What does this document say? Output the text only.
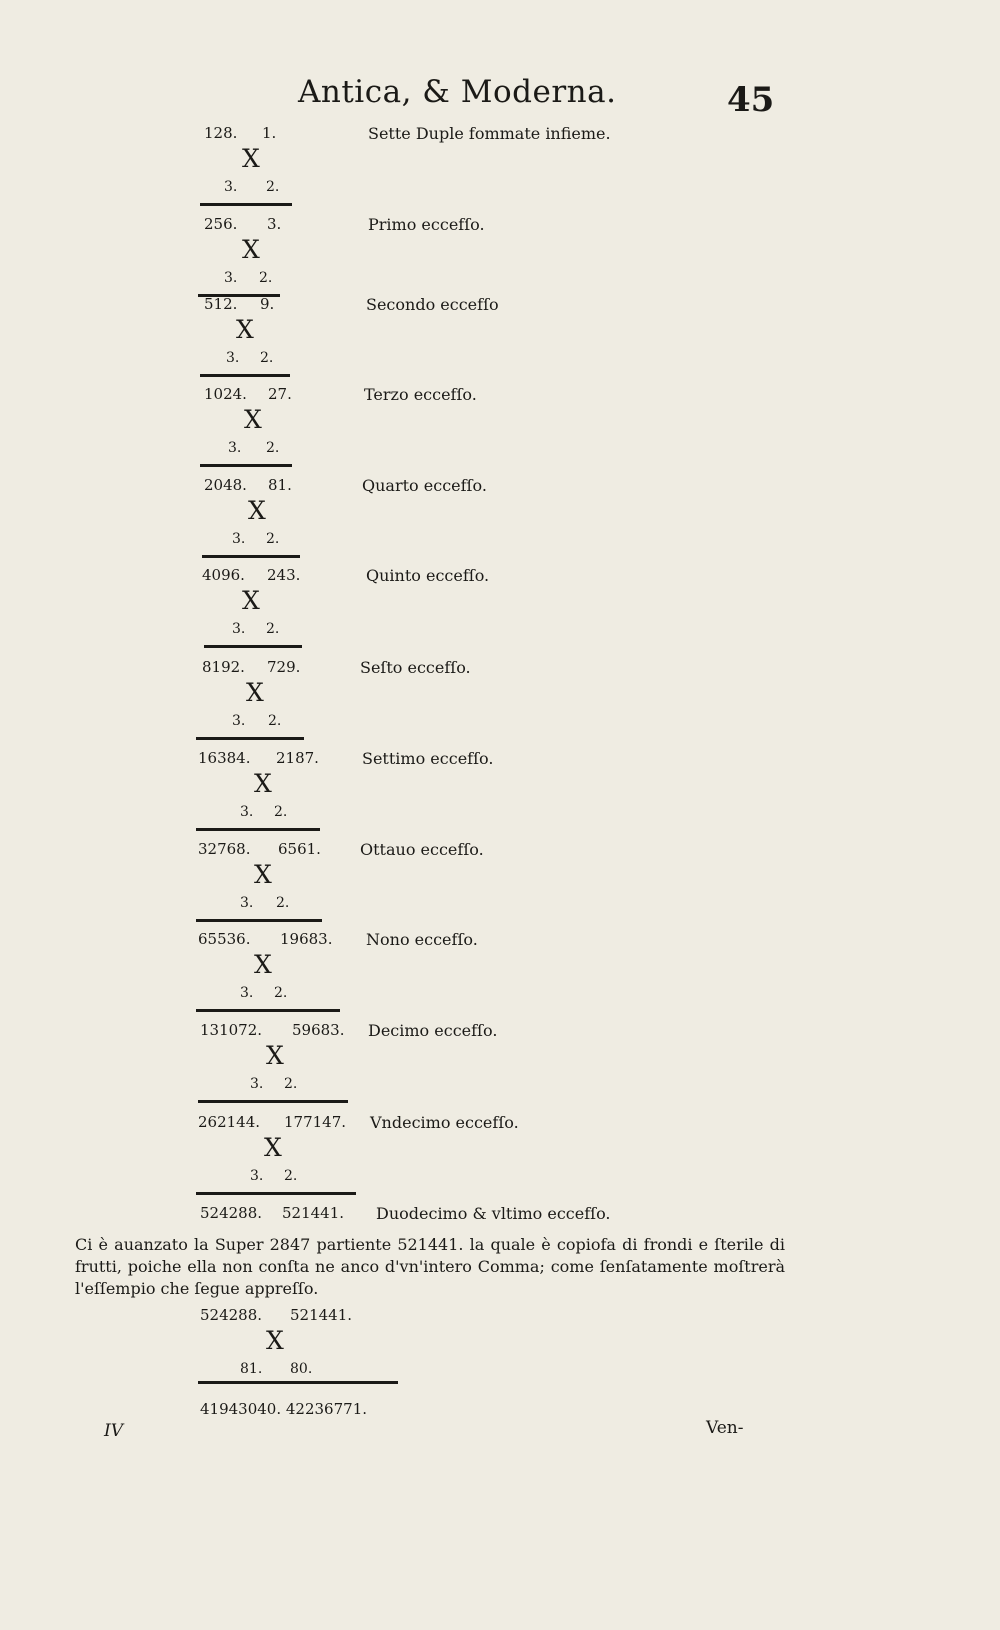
Antica, & Moderna.	45
128. 1.	Sette Duple fommate infieme.
X
3. 2.
256. 3.	Primo eccefſo.
X
3. 2.
512. 9.	Secondo eccefſo
X
3. 2.
1024. 27.	Terzo eccefſo.
X
3. 2.
2048. 81.	Quarto eccefſo.
X
3. 2.
4096. 243.	Quinto eccefſo.
X
3. 2.
8192. 729.	Seſto eccefſo.
X
3. 2.
16384. 2187.	Settimo eccefſo.
X
3. 2.
32768. 6561. Ottauo eccefſo.
X
3. 2.
65536. 19683. Nono eccefſo.
X
3. 2.
131072. 59683. Decimo eccefſo.
X
3. 2.
262144. 177147. Vndecimo eccefſo.
X
3. 2.
524288. 521441. Duodecimo & vltimo eccefſo.
Ci è auanzato la Super 2847 partiente 521441. la quale è copiofa di frondi e ſterile di frutti, poiche ella non conſta ne anco d'vn'intero Comma; come ſenſatamente moſtrerà l'eſſempio che ſegue appreſſo.
524288. 521441.
X
81. 80.
41943040. 42236771.
IV	Ven-
